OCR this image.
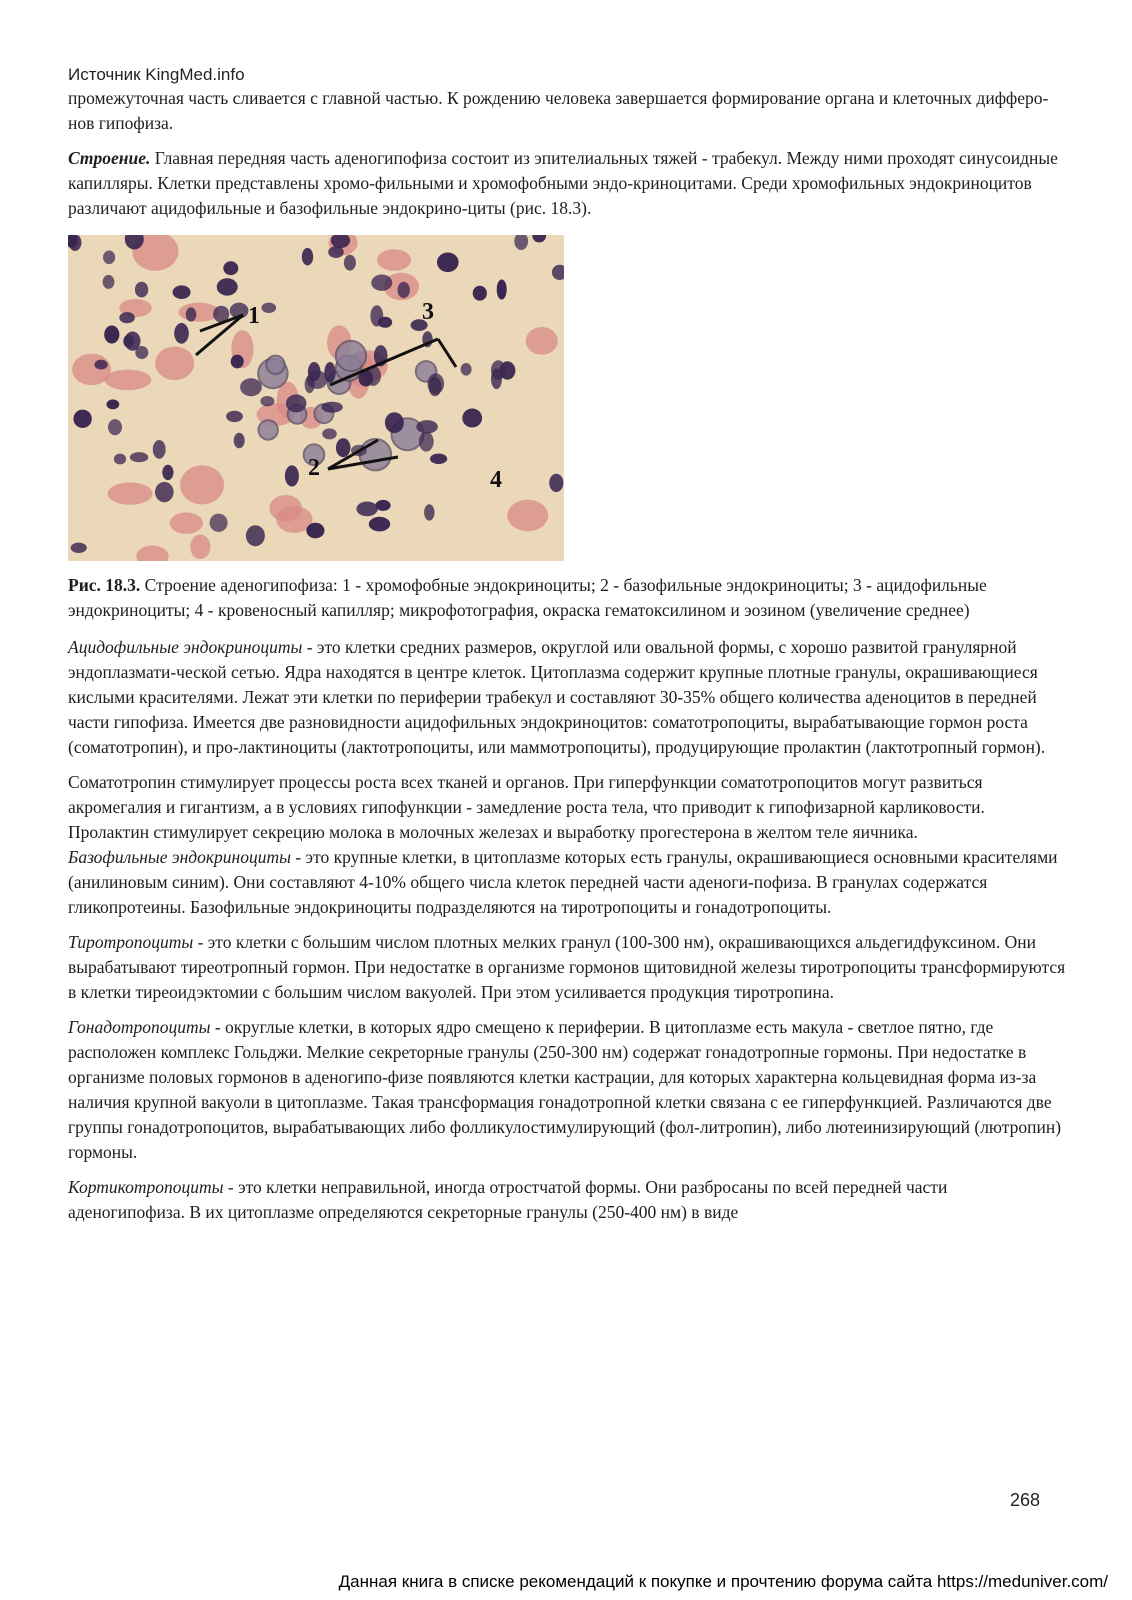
Источник KingMed.info

промежуточная часть сливается с главной частью. К рождению человека завершается формирование органа и клеточных дифферо-нов гипофиза.

Строение. Главная передняя часть аденогипофиза состоит из эпителиальных тяжей - трабекул. Между ними проходят синусоидные капилляры. Клетки представлены хромо-фильными и хромофобными эндо-криноцитами. Среди хромофильных эндокриноцитов различают ацидофильные и базофильные эндокрино-циты (рис. 18.3).

1
2
3
4

Рис. 18.3. Строение аденогипофиза: 1 - хромофобные эндокриноциты; 2 - базофильные эндокриноциты; 3 - ацидофильные эндокриноциты; 4 - кровеносный капилляр; микрофотография, окраска гематоксилином и эозином (увеличение среднее)

Ацидофильные эндокриноциты - это клетки средних размеров, округлой или овальной формы, с хорошо развитой гранулярной эндоплазмати-ческой сетью. Ядра находятся в центре клеток. Цитоплазма содержит крупные плотные гранулы, окрашивающиеся кислыми красителями. Лежат эти клетки по периферии трабекул и составляют 30-35% общего количества аденоцитов в передней части гипофиза. Имеется две разновидности ацидофильных эндокриноцитов: соматотропоциты, вырабатывающие гормон роста (соматотропин), и про-лактиноциты (лактотропоциты, или маммотропоциты), продуцирующие пролактин (лактотропный гормон).

Соматотропин стимулирует процессы роста всех тканей и органов. При гиперфункции соматотропоцитов могут развиться акромегалия и гигантизм, а в условиях гипофункции - замедление роста тела, что приводит к гипофизарной карликовости. Пролактин стимулирует секрецию молока в молочных железах и выработку прогестерона в желтом теле яичника.

Базофильные эндокриноциты - это крупные клетки, в цитоплазме которых есть гранулы, окрашивающиеся основными красителями (анилиновым синим). Они составляют 4-10% общего числа клеток передней части аденоги-пофиза. В гранулах содержатся гликопротеины. Базофильные эндокриноциты подразделяются на тиротропоциты и гонадотропоциты.

Тиротропоциты - это клетки с большим числом плотных мелких гранул (100-300 нм), окрашивающихся альдегидфуксином. Они вырабатывают тиреотропный гормон. При недостатке в организме гормонов щитовидной железы тиротропоциты трансформируются в клетки тиреоидэктомии с большим числом вакуолей. При этом усиливается продукция тиротропина.

Гонадотропоциты - округлые клетки, в которых ядро смещено к периферии. В цитоплазме есть макула - светлое пятно, где расположен комплекс Гольджи. Мелкие секреторные гранулы (250-300 нм) содержат гонадотропные гормоны. При недостатке в организме половых гормонов в аденогипо-физе появляются клетки кастрации, для которых характерна кольцевидная форма из-за наличия крупной вакуоли в цитоплазме. Такая трансформация гонадотропной клетки связана с ее гиперфункцией. Различаются две группы гонадотропоцитов, вырабатывающих либо фолликулостимулирующий (фол-литропин), либо лютеинизирующий (лютропин) гормоны.

Кортикотропоциты - это клетки неправильной, иногда отростчатой формы. Они разбросаны по всей передней части аденогипофиза. В их цитоплазме определяются секреторные гранулы (250-400 нм) в виде

268
Данная книга в списке рекомендаций к покупке и прочтению форума сайта https://meduniver.com/
